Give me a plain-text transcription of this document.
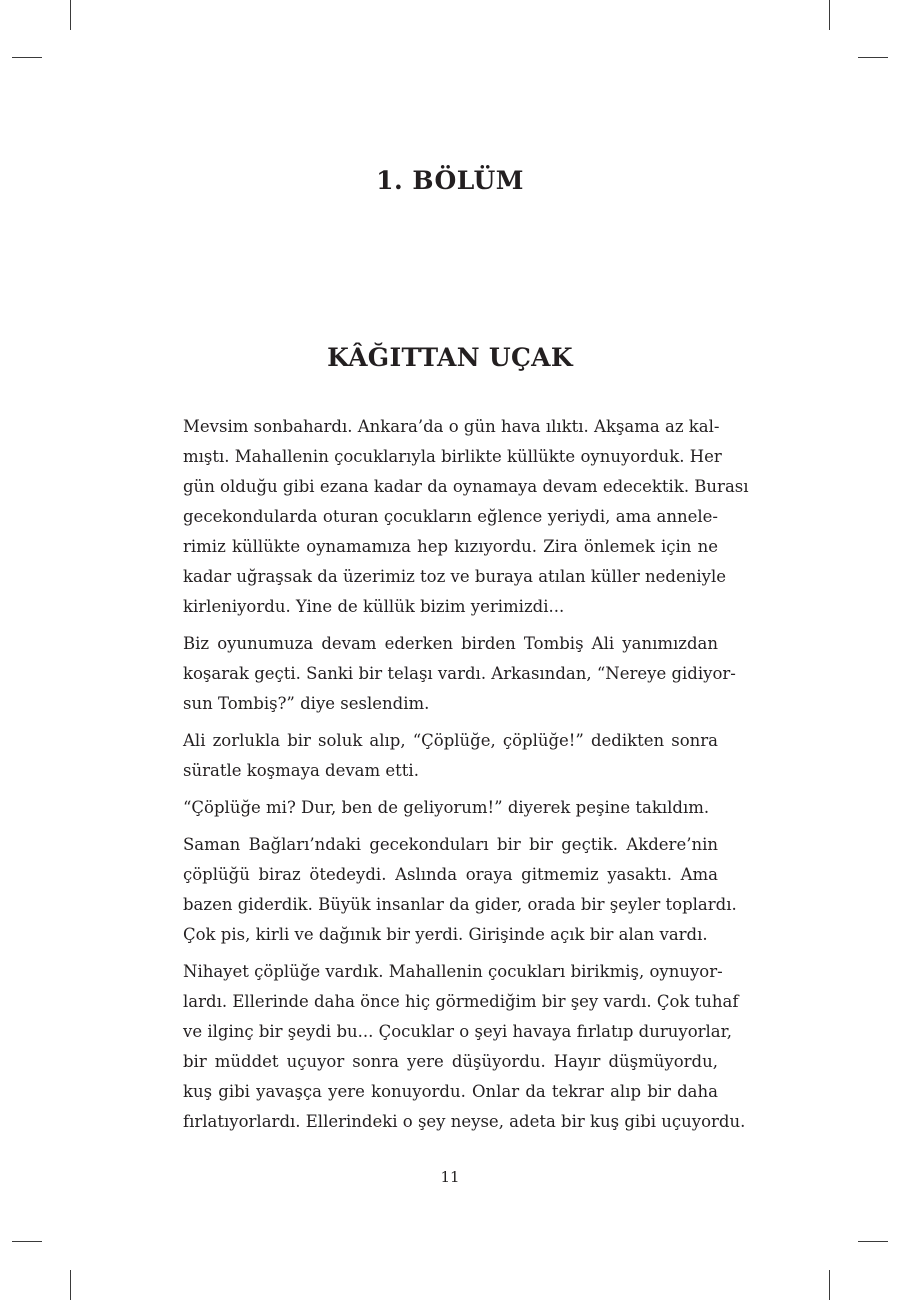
1. BÖLÜM
KÂĞITTAN UÇAK

Mevsim sonbahardı. Ankara’da o gün hava ılıktı. Akşama az kal-
mıştı. Mahallenin çocuklarıyla birlikte küllükte oynuyorduk. Her
gün olduğu gibi ezana kadar da oynamaya devam edecektik. Burası
gecekondularda oturan çocukların eğlence yeriydi, ama annele-
rimiz küllükte oynamamıza hep kızıyordu. Zira önlemek için ne
kadar uğraşsak da üzerimiz toz ve buraya atılan küller nedeniyle
kirleniyordu. Yine de küllük bizim yerimizdi...

Biz oyunumuza devam ederken birden Tombiş Ali yanımızdan
koşarak geçti. Sanki bir telaşı vardı. Arkasından, “Nereye gidiyor-
sun Tombiş?” diye seslendim.

Ali zorlukla bir soluk alıp, “Çöplüğe, çöplüğe!” dedikten sonra
süratle koşmaya devam etti.

“Çöplüğe mi? Dur, ben de geliyorum!” diyerek peşine takıldım.

Saman Bağları’ndaki gecekonduları bir bir geçtik. Akdere’nin
çöplüğü biraz ötedeydi. Aslında oraya gitmemiz yasaktı. Ama
bazen giderdik. Büyük insanlar da gider, orada bir şeyler toplardı.
Çok pis, kirli ve dağınık bir yerdi. Girişinde açık bir alan vardı.

Nihayet çöplüğe vardık. Mahallenin çocukları birikmiş, oynuyor-
lardı. Ellerinde daha önce hiç görmediğim bir şey vardı. Çok tuhaf
ve ilginç bir şeydi bu... Çocuklar o şeyi havaya fırlatıp duruyorlar,
bir müddet uçuyor sonra yere düşüyordu. Hayır düşmüyordu,
kuş gibi yavaşça yere konuyordu. Onlar da tekrar alıp bir daha
fırlatıyorlardı. Ellerindeki o şey neyse, adeta bir kuş gibi uçuyordu.

11
